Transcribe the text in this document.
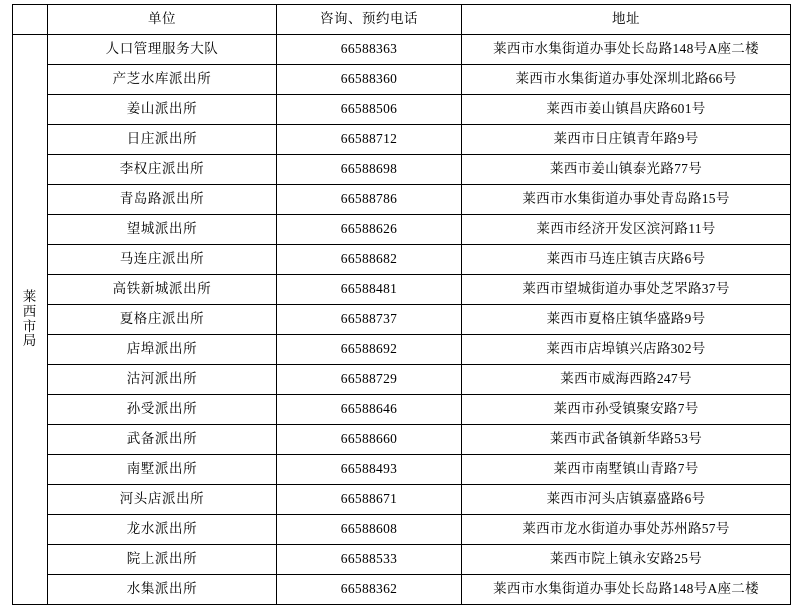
	单位	咨询、预约电话	地址

莱西市局	人口管理服务大队	66588363	莱西市水集街道办事处长岛路148号A座二楼
	产芝水库派出所	66588360	莱西市水集街道办事处深圳北路66号
	姜山派出所	66588506	莱西市姜山镇昌庆路601号
	日庄派出所	66588712	莱西市日庄镇青年路9号
	李权庄派出所	66588698	莱西市姜山镇泰光路77号
	青岛路派出所	66588786	莱西市水集街道办事处青岛路15号
	望城派出所	66588626	莱西市经济开发区滨河路11号
	马连庄派出所	66588682	莱西市马连庄镇吉庆路6号
	高铁新城派出所	66588481	莱西市望城街道办事处芝罘路37号
	夏格庄派出所	66588737	莱西市夏格庄镇华盛路9号
	店埠派出所	66588692	莱西市店埠镇兴店路302号
	沽河派出所	66588729	莱西市威海西路247号
	孙受派出所	66588646	莱西市孙受镇聚安路7号
	武备派出所	66588660	莱西市武备镇新华路53号
	南墅派出所	66588493	莱西市南墅镇山青路7号
	河头店派出所	66588671	莱西市河头店镇嘉盛路6号
	龙水派出所	66588608	莱西市龙水街道办事处苏州路57号
	院上派出所	66588533	莱西市院上镇永安路25号
	水集派出所	66588362	莱西市水集街道办事处长岛路148号A座二楼
